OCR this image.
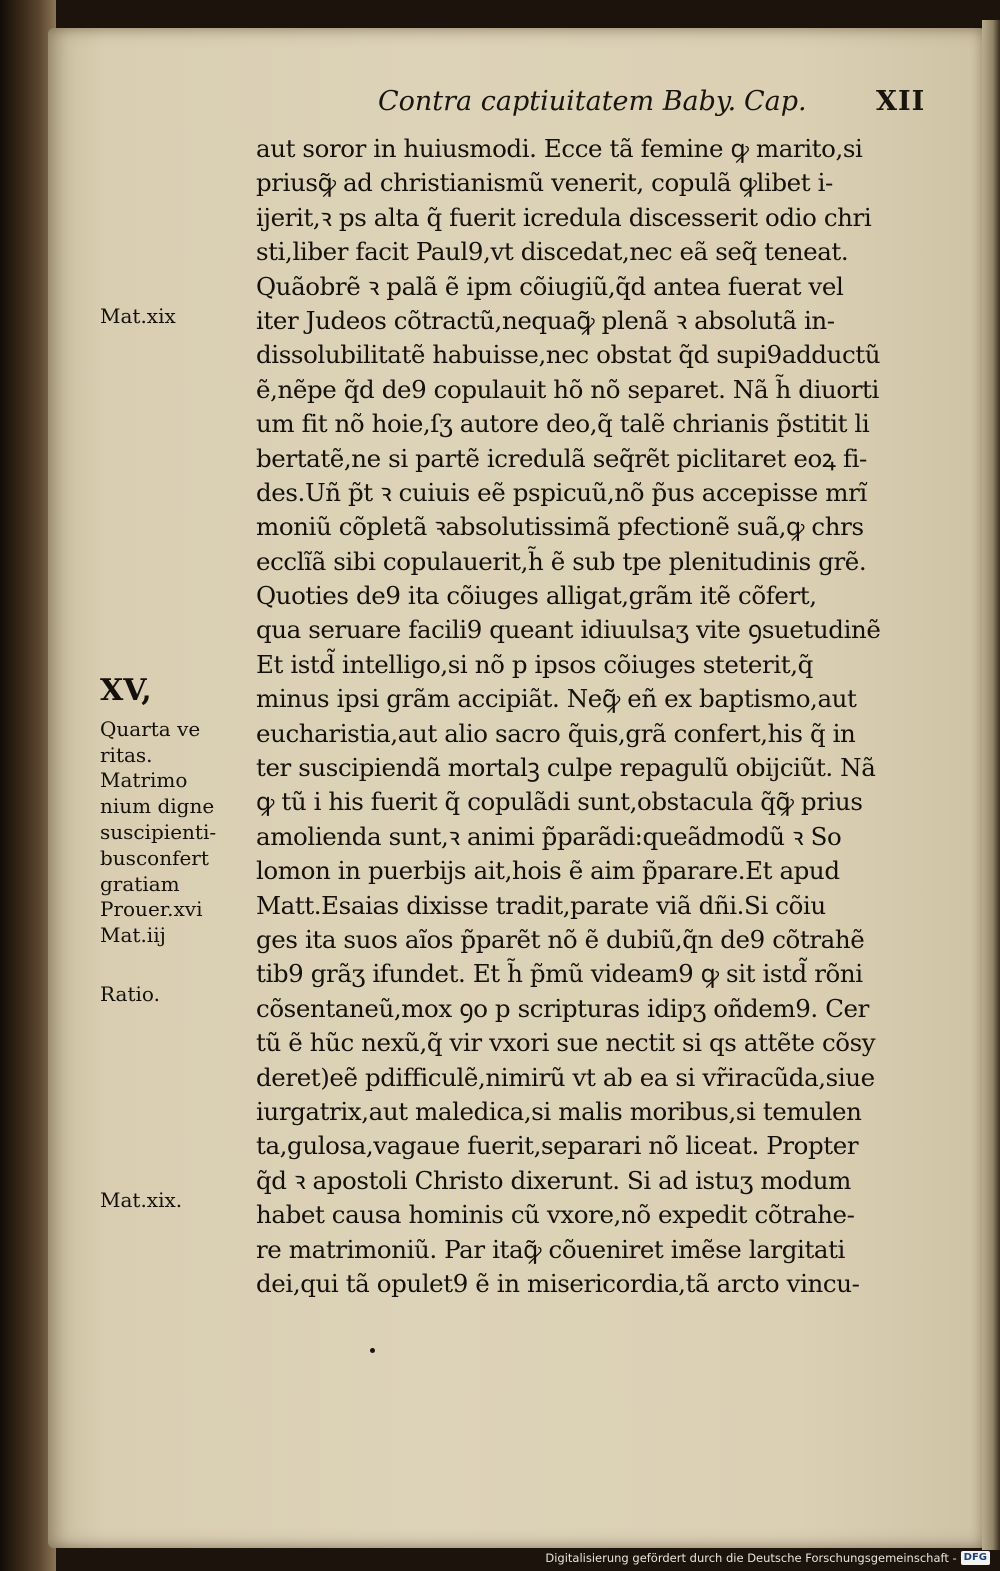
Contra captiuitatem Baby. Cap.	XII
aut soror in huiusmodi. Ecce tã femine ꝙ marito,si
priusꝙ̃ ad christianismũ venerit, copulã ꝙlibet i-
ijerit,ꝛ ps alta q̃ fuerit icredula discesserit odio chri
sti,liber facit Paul9,vt discedat,nec eã seq̃ teneat.
Quãobrẽ ꝛ palã ẽ ipm cõiugiũ,q̃d antea fuerat vel
iter Judeos cõtractũ,nequaꝙ̃ plenã ꝛ absolutã in-
dissolubilitatẽ habuisse,nec obstat q̃d supi9adductũ
ẽ,nẽpe q̃d de9 copulauit hõ nõ separet. Nã h̃ diuorti
um fit nõ hoie,ſʒ autore deo,q̃ talẽ chrianis p̃stitit li
bertatẽ,ne si partẽ icredulã seq̃rẽt piclitaret eoꝝ fi-
des.Uñ p̃t ꝛ cuiuis eẽ pspicuũ,nõ p̃us accepisse mrĩ
moniũ cõpletã ꝛabsolutissimã pfectionẽ suã,ꝙ chrs
ecclĩã sibi copulauerit,h̃ ẽ sub tpe plenitudinis grẽ.
Quoties de9 ita cõiuges alligat,grãm itẽ cõfert,
qua seruare facili9 queant idiuulsaʒ vite ꝯsuetudinẽ
Et istd̃ intelligo,si nõ p ipsos cõiuges steterit,q̃
minus ipsi grãm accipiãt. Neꝙ̃ eñ ex baptismo,aut
eucharistia,aut alio sacro q̃uis,grã confert,his q̃ in
ter suscipiendã mortalꝫ culpe repagulũ obijciũt. Nã
ꝙ tũ i his fuerit q̃ copulãdi sunt,obstacula q̃ꝙ̃ prius
amolienda sunt,ꝛ animi p̃parãdi:queãdmodũ ꝛ So
lomon in puerbijs ait,hois ẽ aim p̃parare.Et apud
Matt.Esaias dixisse tradit,parate viã dñi.Si cõiu
ges ita suos aĩos p̃parẽt nõ ẽ dubiũ,q̃n de9 cõtrahẽ
tib9 grãʒ ifundet. Et h̃ p̃mũ videam9 ꝙ sit istd̃ rõni
cõsentaneũ,mox ꝯo p scripturas idipʒ oñdem9. Cer
tũ ẽ hũc nexũ,q̃ vir vxori sue nectit si qs attẽte cõsy
deret)eẽ pdifficulẽ,nimirũ vt ab ea si vr̃iracũda,siue
iurgatrix,aut maledica,si malis moribus,si temulen
ta,gulosa,vagaue fuerit,separari nõ liceat. Propter
q̃d ꝛ apostoli Christo dixerunt. Si ad istuʒ modum
habet causa hominis cũ vxore,nõ expedit cõtrahe-
re matrimoniũ. Par itaꝙ̃ cõueniret imẽse largitati
dei,qui tã opulet9 ẽ in misericordia,tã arcto vincu-
Mat.xix
XV,
Quarta ve
ritas.
Matrimo
nium digne
suscipienti-
busconfert
gratiam
Prouer.xvi
Mat.iij
Ratio.
Mat.xix.
Digitalisierung gefördert durch die Deutsche Forschungsgemeinschaft - DFG
